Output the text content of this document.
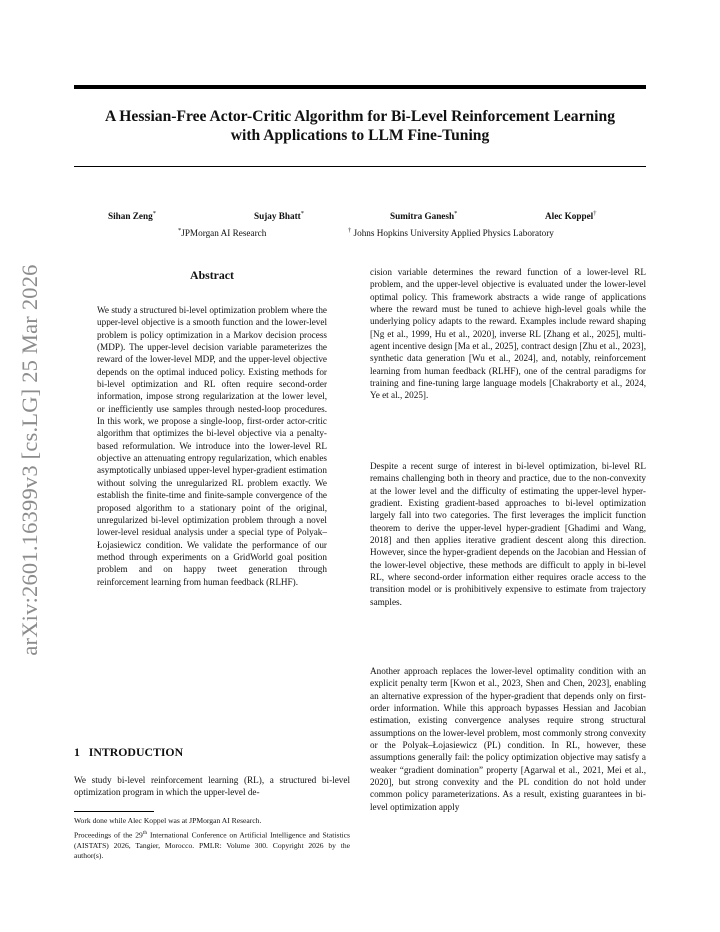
A Hessian-Free Actor-Critic Algorithm for Bi-Level Reinforcement Learning
with Applications to LLM Fine-Tuning
Sihan Zeng*	Sujay Bhatt*	Sumitra Ganesh*	Alec Koppel†
*JPMorgan AI Research	† Johns Hopkins University Applied Physics Laboratory
arXiv:2601.16399v3 [cs.LG] 25 Mar 2026	Abstract

We study a structured bi-level optimization problem where the upper-level objective is a smooth function and the lower-level problem is policy optimization in a Markov decision process (MDP). The upper-level decision variable parameterizes the reward of the lower-level MDP, and the upper-level objective depends on the optimal induced policy. Existing methods for bi-level optimization and RL often require second-order information, impose strong regularization at the lower level, or inefficiently use samples through nested-loop procedures. In this work, we propose a single-loop, first-order actor-critic algorithm that optimizes the bi-level objective via a penalty-based reformulation. We introduce into the lower-level RL objective an attenuating entropy regularization, which enables asymptotically unbiased upper-level hyper-gradient estimation without solving the unregularized RL problem exactly. We establish the finite-time and finite-sample convergence of the proposed algorithm to a stationary point of the original, unregularized bi-level optimization problem through a novel lower-level residual analysis under a special type of Polyak–Łojasiewicz condition. We validate the performance of our method through experiments on a GridWorld goal position problem and on happy tweet generation through reinforcement learning from human feedback (RLHF).

1   INTRODUCTION

We study bi-level reinforcement learning (RL), a structured bi-level optimization program in which the upper-level de-

Work done while Alec Koppel was at JPMorgan AI Research.

Proceedings of the 29th International Conference on Artificial Intelligence and Statistics (AISTATS) 2026, Tangier, Morocco. PMLR: Volume 300. Copyright 2026 by the author(s).

cision variable determines the reward function of a lower-level RL problem, and the upper-level objective is evaluated under the lower-level optimal policy. This framework abstracts a wide range of applications where the reward must be tuned to achieve high-level goals while the underlying policy adapts to the reward. Examples include reward shaping [Ng et al., 1999, Hu et al., 2020], inverse RL [Zhang et al., 2025], multi-agent incentive design [Ma et al., 2025], contract design [Zhu et al., 2023], synthetic data generation [Wu et al., 2024], and, notably, reinforcement learning from human feedback (RLHF), one of the central paradigms for training and fine-tuning large language models [Chakraborty et al., 2024, Ye et al., 2025].

Despite a recent surge of interest in bi-level optimization, bi-level RL remains challenging both in theory and practice, due to the non-convexity at the lower level and the difficulty of estimating the upper-level hyper-gradient. Existing gradient-based approaches to bi-level optimization largely fall into two categories. The first leverages the implicit function theorem to derive the upper-level hyper-gradient [Ghadimi and Wang, 2018] and then applies iterative gradient descent along this direction. However, since the hyper-gradient depends on the Jacobian and Hessian of the lower-level objective, these methods are difficult to apply in bi-level RL, where second-order information either requires oracle access to the transition model or is prohibitively expensive to estimate from trajectory samples.

Another approach replaces the lower-level optimality condition with an explicit penalty term [Kwon et al., 2023, Shen and Chen, 2023], enabling an alternative expression of the hyper-gradient that depends only on first-order information. While this approach bypasses Hessian and Jacobian estimation, existing convergence analyses require strong structural assumptions on the lower-level problem, most commonly strong convexity or the Polyak–Łojasiewicz (PL) condition. In RL, however, these assumptions generally fail: the policy optimization objective may satisfy a weaker “gradient domination” property [Agarwal et al., 2021, Mei et al., 2020], but strong convexity and the PL condition do not hold under common policy parameterizations. As a result, existing guarantees in bi-level optimization apply
